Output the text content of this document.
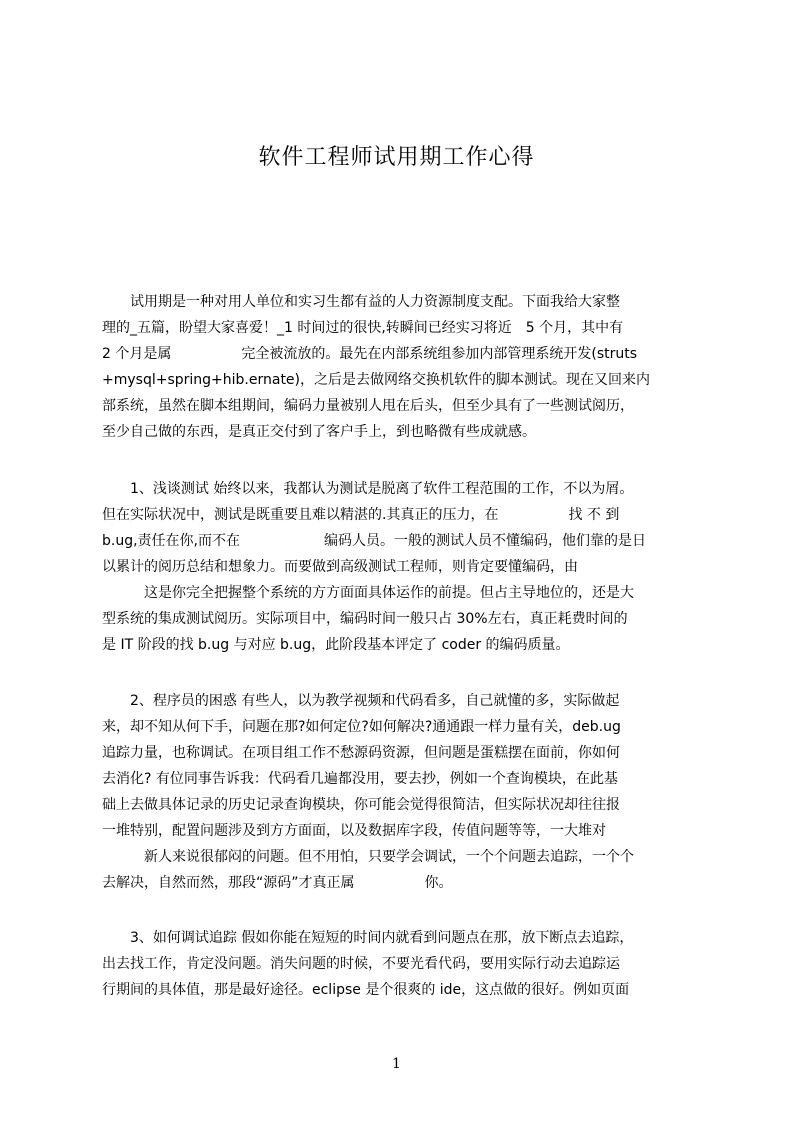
软件工程师试用期工作心得
　　试用期是一种对用人单位和实习生都有益的人力资源制度支配。下面我给大家整
理的_五篇，盼望大家喜爱！_1 时间过的很快,转瞬间已经实习将近　5 个月，其中有
2 个月是属　　　　　完全被流放的。最先在内部系统组参加内部管理系统开发(struts
+mysql+spring+hib.ernate)，之后是去做网络交换机软件的脚本测试。现在又回来内
部系统，虽然在脚本组期间，编码力量被别人甩在后头，但至少具有了一些测试阅历，
至少自己做的东西，是真正交付到了客户手上，到也略微有些成就感。
　　1、浅谈测试 始终以来，我都认为测试是脱离了软件工程范围的工作，不以为屑。
但在实际状况中，测试是既重要且难以精湛的.其真正的压力，在　　　　　找 不 到
b.ug,责任在你,而不在　　　　　　编码人员。一般的测试人员不懂编码，他们靠的是日
以累计的阅历总结和想象力。而要做到高级测试工程师，则肯定要懂编码，由
　　　这是你完全把握整个系统的方方面面具体运作的前提。但占主导地位的，还是大
型系统的集成测试阅历。实际项目中，编码时间一般只占 30%左右，真正耗费时间的
是 IT 阶段的找 b.ug 与对应 b.ug，此阶段基本评定了 coder 的编码质量。
　　2、程序员的困惑 有些人，以为教学视频和代码看多，自己就懂的多，实际做起
来，却不知从何下手，问题在那?如何定位?如何解决?通通跟一样力量有关，deb.ug
追踪力量，也称调试。在项目组工作不愁源码资源，但问题是蛋糕摆在面前，你如何
去消化? 有位同事告诉我：代码看几遍都没用，要去抄，例如一个查询模块，在此基
础上去做具体记录的历史记录查询模块，你可能会觉得很简洁，但实际状况却往往报
一堆特别，配置问题涉及到方方面面，以及数据库字段，传值问题等等，一大堆对
　　　新人来说很郁闷的问题。但不用怕，只要学会调试，一个个问题去追踪，一个个
去解决，自然而然，那段“源码”才真正属　　　　　你。
　　3、如何调试追踪 假如你能在短短的时间内就看到问题点在那，放下断点去追踪，
出去找工作，肯定没问题。消失问题的时候，不要光看代码，要用实际行动去追踪运
行期间的具体值，那是最好途径。eclipse 是个很爽的 ide，这点做的很好。例如页面
1
